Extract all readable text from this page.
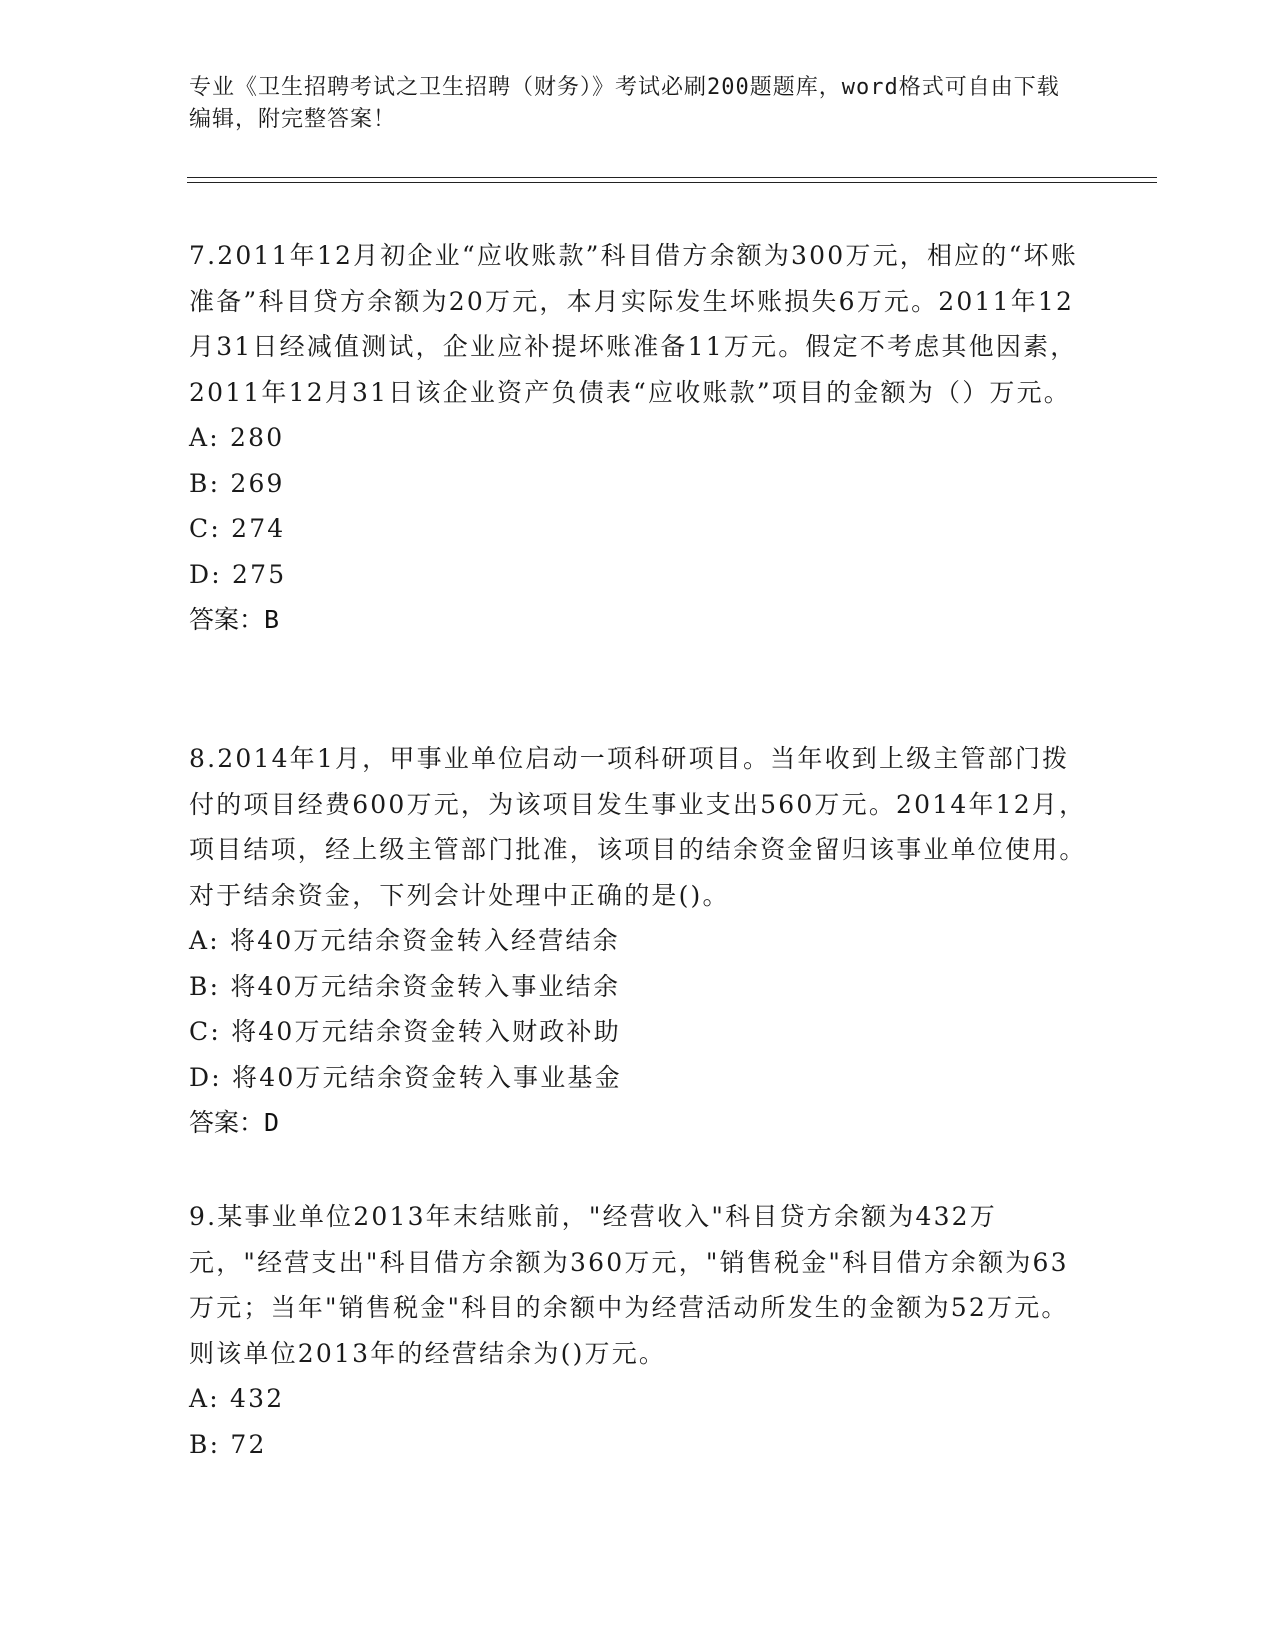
专业《卫生招聘考试之卫生招聘（财务）》考试必刷200题题库，word格式可自由下载编辑，附完整答案！

7.2011年12月初企业“应收账款”科目借方余额为300万元，相应的“坏账准备”科目贷方余额为20万元，本月实际发生坏账损失6万元。2011年12月31日经减值测试，企业应补提坏账准备11万元。假定不考虑其他因素，2011年12月31日该企业资产负债表“应收账款”项目的金额为（）万元。

A: 280

B: 269

C: 274

D: 275

答案：B

8.2014年1月，甲事业单位启动一项科研项目。当年收到上级主管部门拨付的项目经费600万元，为该项目发生事业支出560万元。2014年12月，项目结项，经上级主管部门批准，该项目的结余资金留归该事业单位使用。对于结余资金，下列会计处理中正确的是()。

A: 将40万元结余资金转入经营结余

B: 将40万元结余资金转入事业结余

C: 将40万元结余资金转入财政补助

D: 将40万元结余资金转入事业基金

答案：D

9.某事业单位2013年末结账前，"经营收入"科目贷方余额为432万元，"经营支出"科目借方余额为360万元，"销售税金"科目借方余额为63万元；当年"销售税金"科目的余额中为经营活动所发生的金额为52万元。则该单位2013年的经营结余为()万元。

A: 432

B: 72
